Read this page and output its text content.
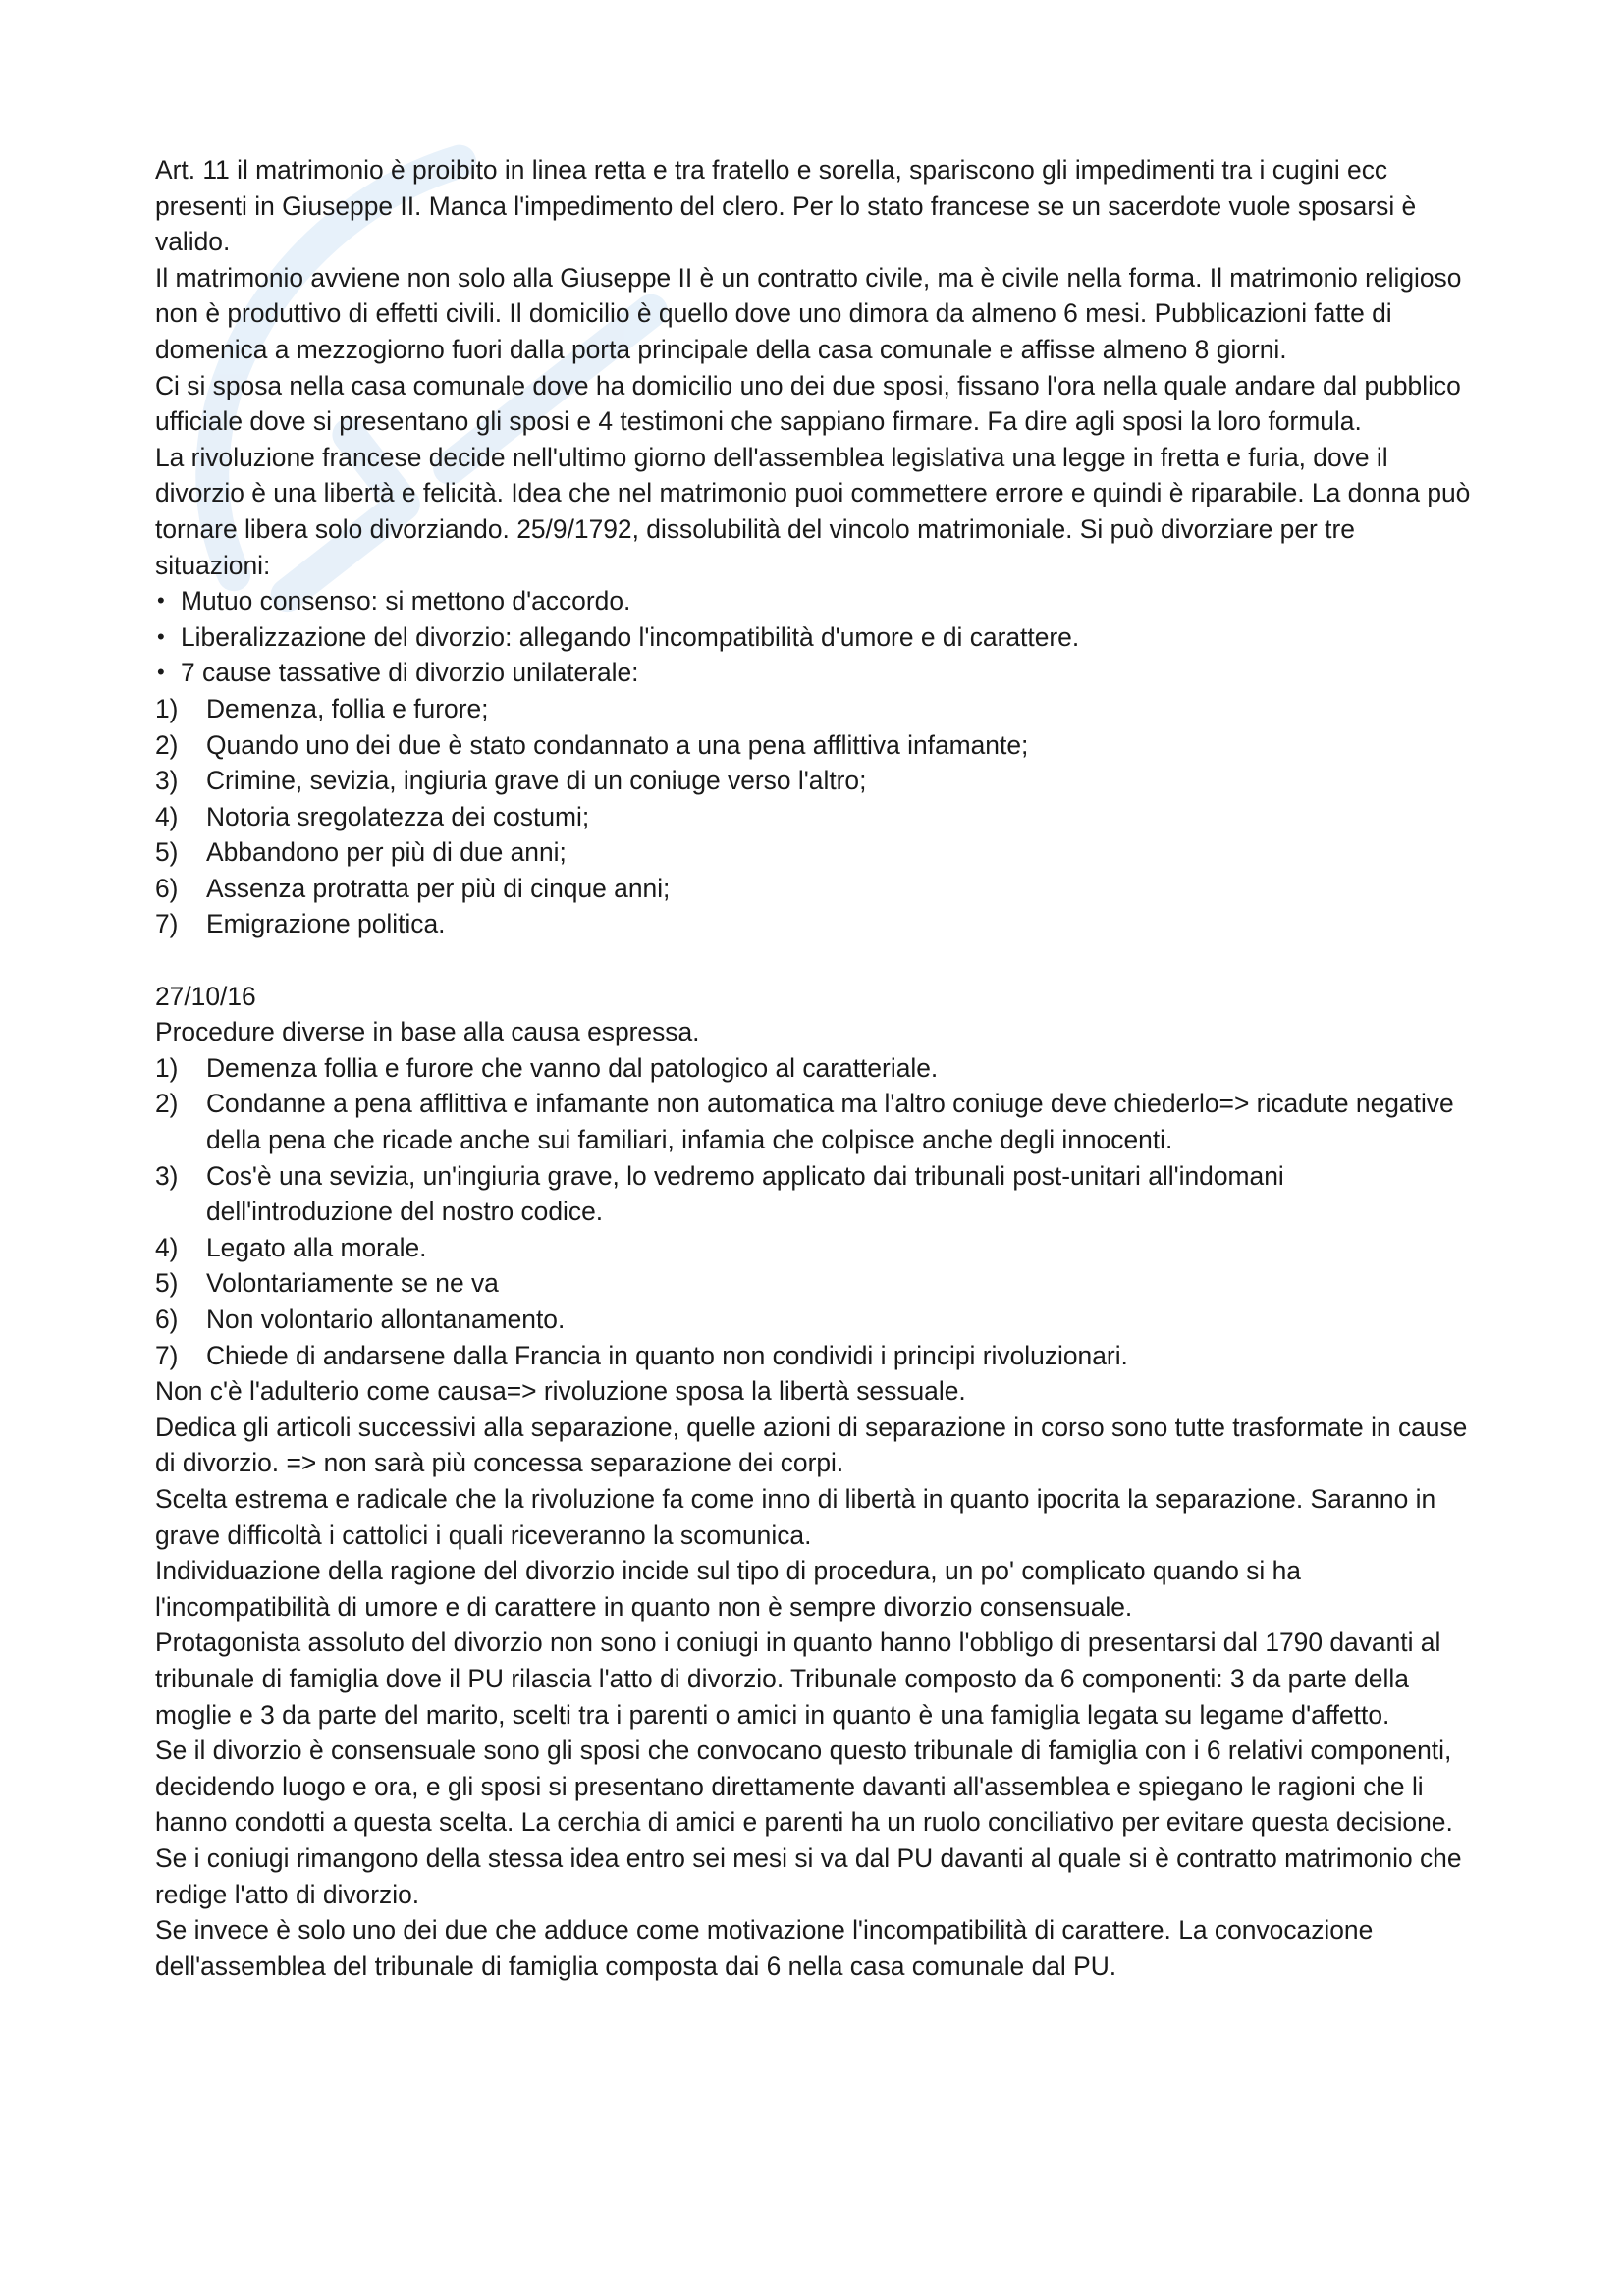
Art. 11 il matrimonio è proibito in linea retta e tra fratello e sorella, spariscono gli impedimenti tra i cugini ecc presenti in Giuseppe II. Manca l'impedimento del clero. Per lo stato francese se un sacerdote vuole sposarsi è valido.

Il matrimonio avviene non solo alla Giuseppe II è un contratto civile, ma è civile nella forma. Il matrimonio religioso non è produttivo di effetti civili. Il domicilio è quello dove uno dimora da almeno 6 mesi. Pubblicazioni fatte di domenica a mezzogiorno fuori dalla porta principale della casa comunale e affisse almeno 8 giorni.

Ci si sposa nella casa comunale dove ha domicilio uno dei due sposi, fissano l'ora nella quale andare dal pubblico ufficiale dove si presentano gli sposi e 4 testimoni che sappiano firmare. Fa dire agli sposi la loro formula.

La rivoluzione francese decide nell'ultimo giorno dell'assemblea legislativa una legge in fretta e furia, dove il divorzio è una libertà e felicità. Idea che nel matrimonio puoi commettere errore e quindi è riparabile. La donna può tornare libera solo divorziando. 25/9/1792, dissolubilità del vincolo matrimoniale. Si può divorziare per tre situazioni:

• Mutuo consenso: si mettono d'accordo.
• Liberalizzazione del divorzio: allegando l'incompatibilità d'umore e di carattere.
• 7 cause tassative di divorzio unilaterale:
1) Demenza, follia e furore;
2) Quando uno dei due è stato condannato a una pena afflittiva infamante;
3) Crimine, sevizia, ingiuria grave di un coniuge verso l'altro;
4) Notoria sregolatezza dei costumi;
5) Abbandono per più di due anni;
6) Assenza protratta per più di cinque anni;
7) Emigrazione politica.

27/10/16

Procedure diverse in base alla causa espressa.

1) Demenza follia e furore che vanno dal patologico al caratteriale.
2) Condanne a pena afflittiva e infamante non automatica ma l'altro coniuge deve chiederlo=> ricadute negative della pena che ricade anche sui familiari, infamia che colpisce anche degli innocenti.
3) Cos'è una sevizia, un'ingiuria grave, lo vedremo applicato dai tribunali post-unitari all'indomani dell'introduzione del nostro codice.
4) Legato alla morale.
5) Volontariamente se ne va
6) Non volontario allontanamento.
7) Chiede di andarsene dalla Francia in quanto non condividi i principi rivoluzionari.

Non c'è l'adulterio come causa=> rivoluzione sposa la libertà sessuale.

Dedica gli articoli successivi alla separazione, quelle azioni di separazione in corso sono tutte trasformate in cause di divorzio. => non sarà più concessa separazione dei corpi.

Scelta estrema e radicale che la rivoluzione fa come inno di libertà in quanto ipocrita la separazione. Saranno in grave difficoltà i cattolici i quali riceveranno la scomunica.

Individuazione della ragione del divorzio incide sul tipo di procedura, un po' complicato quando si ha l'incompatibilità di umore e di carattere in quanto non è sempre divorzio consensuale.

Protagonista assoluto del divorzio non sono i coniugi in quanto hanno l'obbligo di presentarsi dal 1790 davanti al tribunale di famiglia dove il PU rilascia l'atto di divorzio. Tribunale composto da 6 componenti: 3 da parte della moglie e 3 da parte del marito, scelti tra i parenti o amici in quanto è una famiglia legata su legame d'affetto.

Se il divorzio è consensuale sono gli sposi che convocano questo tribunale di famiglia con i 6 relativi componenti, decidendo luogo e ora, e gli sposi si presentano direttamente davanti all'assemblea e spiegano le ragioni che li hanno condotti a questa scelta. La cerchia di amici e parenti ha un ruolo conciliativo per evitare questa decisione. Se i coniugi rimangono della stessa idea entro sei mesi si va dal PU davanti al quale si è contratto matrimonio che redige l'atto di divorzio.

Se invece è solo uno dei due che adduce come motivazione l'incompatibilità di carattere. La convocazione dell'assemblea del tribunale di famiglia composta dai 6 nella casa comunale dal PU.
